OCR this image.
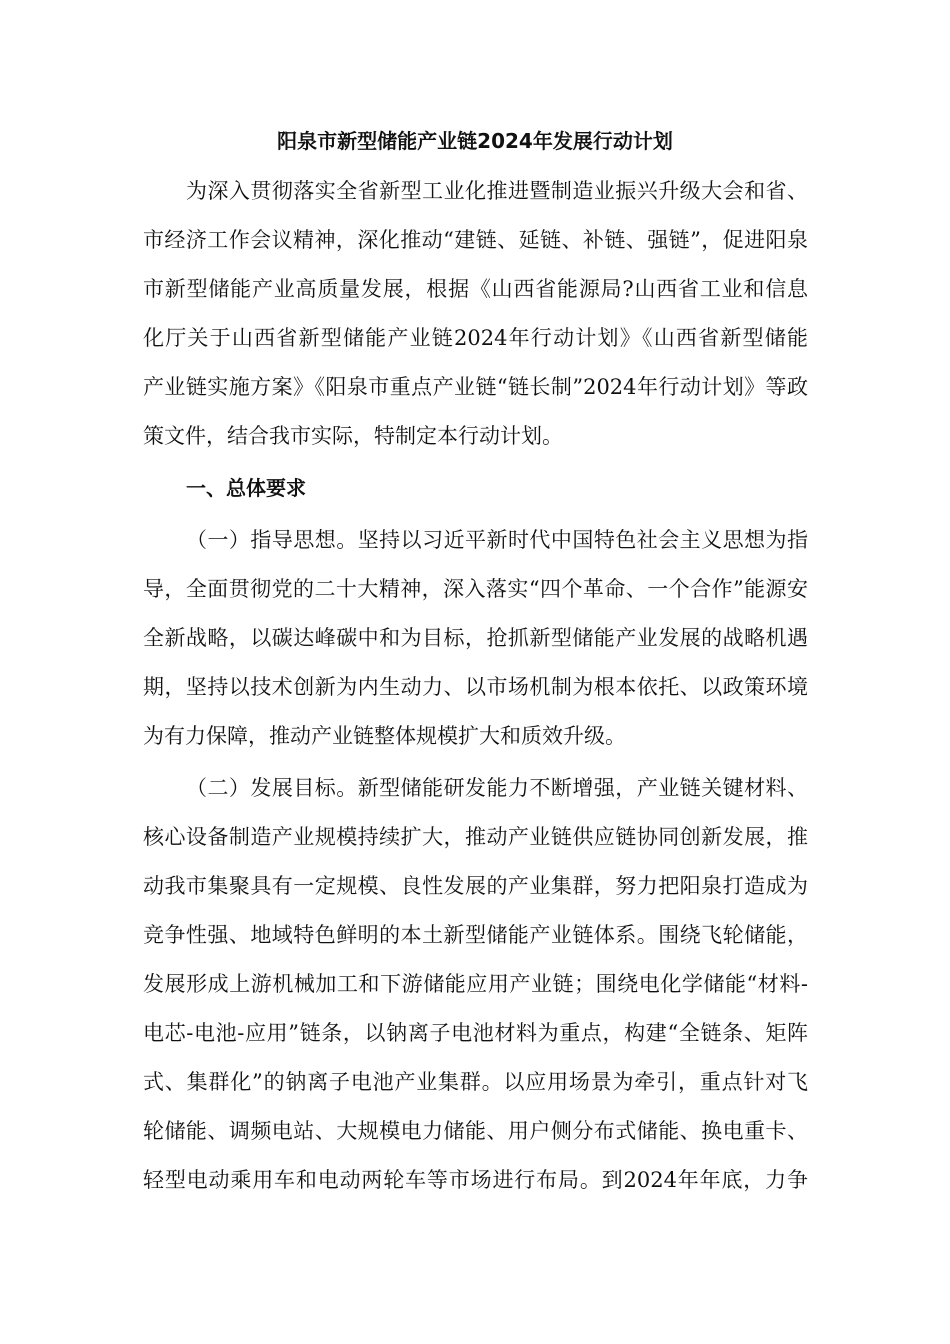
阳泉市新型储能产业链2024年发展行动计划

为深入贯彻落实全省新型工业化推进暨制造业振兴升级大会和省、

市经济工作会议精神，深化推动“建链、延链、补链、强链”，促进阳泉

市新型储能产业高质量发展，根据《山西省能源局?山西省工业和信息

化厅关于山西省新型储能产业链2024年行动计划》《山西省新型储能

产业链实施方案》《阳泉市重点产业链“链长制”2024年行动计划》等政

策文件，结合我市实际，特制定本行动计划。

一、总体要求

（一）指导思想。坚持以习近平新时代中国特色社会主义思想为指

导，全面贯彻党的二十大精神，深入落实“四个革命、一个合作”能源安

全新战略，以碳达峰碳中和为目标，抢抓新型储能产业发展的战略机遇

期，坚持以技术创新为内生动力、以市场机制为根本依托、以政策环境

为有力保障，推动产业链整体规模扩大和质效升级。

（二）发展目标。新型储能研发能力不断增强，产业链关键材料、

核心设备制造产业规模持续扩大，推动产业链供应链协同创新发展，推

动我市集聚具有一定规模、良性发展的产业集群，努力把阳泉打造成为

竞争性强、地域特色鲜明的本土新型储能产业链体系。围绕飞轮储能，

发展形成上游机械加工和下游储能应用产业链；围绕电化学储能“材料-

电芯-电池-应用”链条，以钠离子电池材料为重点，构建“全链条、矩阵

式、集群化”的钠离子电池产业集群。以应用场景为牵引，重点针对飞

轮储能、调频电站、大规模电力储能、用户侧分布式储能、换电重卡、

轻型电动乘用车和电动两轮车等市场进行布局。到2024年年底，力争
